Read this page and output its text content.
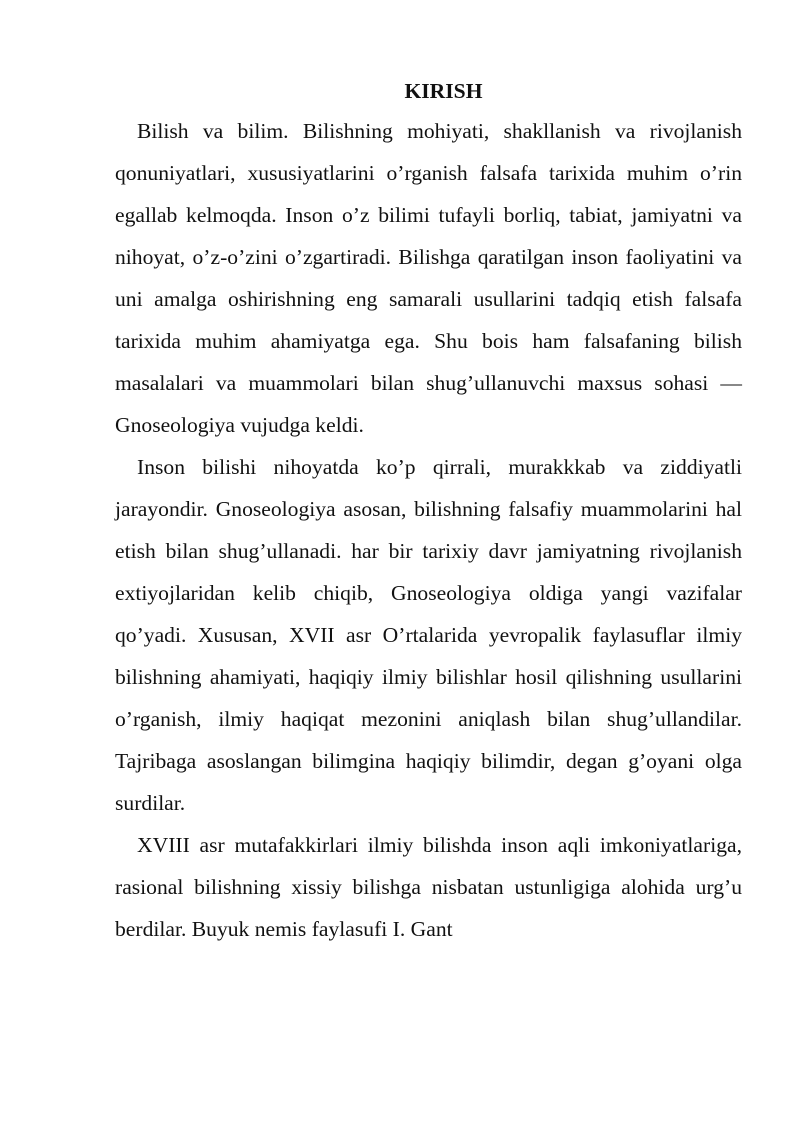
KIRISH

Bilish va bilim. Bilishning mohiyati, shakllanish va rivojlanish qonuniyatlari, xususiyatlarini o’rganish falsafa tarixida muhim o’rin egallab kelmoqda. Inson o’z bilimi tufayli borliq, tabiat, jamiyatni va nihoyat, o’z-o’zini o’zgartiradi. Bilishga qaratilgan inson faoliyatini va uni amalga oshirishning eng samarali usullarini tadqiq etish falsafa tarixida muhim ahamiyatga ega. Shu bois ham falsafaning bilish masalalari va muammolari bilan shug’ullanuvchi maxsus sohasi — Gnoseologiya vujudga keldi.

Inson bilishi nihoyatda ko’p qirrali, murakkkab va ziddiyatli jarayondir. Gnoseologiya asosan, bilishning falsafiy muammolarini hal etish bilan shug’ullanadi. har bir tarixiy davr jamiyatning rivojlanish extiyojlaridan kelib chiqib, Gnoseologiya oldiga yangi vazifalar qo’yadi. Xususan, XVII asr O’rtalarida yevropalik faylasuflar ilmiy bilishning ahamiyati, haqiqiy ilmiy bilishlar hosil qilishning usullarini o’rganish, ilmiy haqiqat mezonini aniqlash bilan shug’ullandilar. Tajribaga asoslangan bilimgina haqiqiy bilimdir, degan g’oyani olga surdilar.

XVIII asr mutafakkirlari ilmiy bilishda inson aqli imkoniyatlariga, rasional bilishning xissiy bilishga nisbatan ustunligiga alohida urg’u berdilar. Buyuk nemis faylasufi I. Gant
